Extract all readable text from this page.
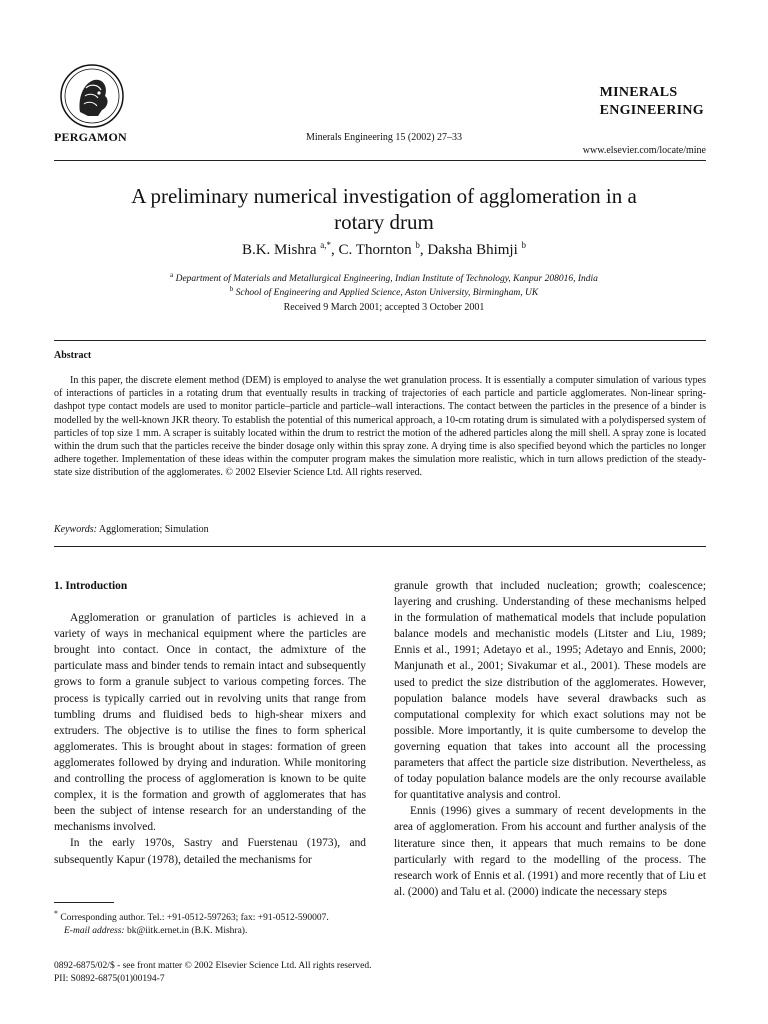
PERGAMON	Minerals Engineering 15 (2002) 27–33
MINERALS
ENGINEERING
www.elsevier.com/locate/mine
A preliminary numerical investigation of agglomeration in a
rotary drum
B.K. Mishra $^{a,*}$, C. Thornton $^b$, Daksha Bhimji $^b$
$^a$ Department of Materials and Metallurgical Engineering, Indian Institute of Technology, Kanpur 208016, India
$^b$ School of Engineering and Applied Science, Aston University, Birmingham, UK
Received 9 March 2001; accepted 3 October 2001
Abstract
In this paper, the discrete element method (DEM) is employed to analyse the wet granulation process. It is essentially a computer simulation of various types of interactions of particles in a rotating drum that eventually results in tracking of trajectories of each particle and particle agglomerates. Non-linear spring-dashpot type contact models are used to monitor particle–particle and particle–wall interactions. The contact between the particles in the presence of a binder is modelled by the well-known JKR theory. To establish the potential of this numerical approach, a 10-cm rotating drum is simulated with a polydispersed system of particles of top size 1 mm. A scraper is suitably located within the drum to restrict the motion of the adhered particles along the mill shell. A spray zone is located within the drum such that the particles receive the binder dosage only within this spray zone. A drying time is also specified beyond which the particles no longer adhere together. Implementation of these ideas within the computer program makes the simulation more realistic, which in turn allows prediction of the steady-state size distribution of the agglomerates. © 2002 Elsevier Science Ltd. All rights reserved.
Keywords: Agglomeration; Simulation
1. Introduction

Agglomeration or granulation of particles is achieved in a variety of ways in mechanical equipment where the particles are brought into contact. Once in contact, the admixture of the particulate mass and binder tends to remain intact and subsequently grows to form a granule subject to various competing forces. The process is typically carried out in revolving units that range from tumbling drums and fluidised beds to high-shear mixers and extruders. The objective is to utilise the fines to form spherical agglomerates. This is brought about in stages: formation of green agglomerates followed by drying and induration. While monitoring and controlling the process of agglomeration is known to be quite complex, it is the formation and growth of agglomerates that has been the subject of intense research for an understanding of the mechanisms involved.

In the early 1970s, Sastry and Fuerstenau (1973), and subsequently Kapur (1978), detailed the mechanisms for

granule growth that included nucleation; growth; coalescence; layering and crushing. Understanding of these mechanisms helped in the formulation of mathematical models that include population balance models and mechanistic models (Litster and Liu, 1989; Ennis et al., 1991; Adetayo et al., 1995; Adetayo and Ennis, 2000; Manjunath et al., 2001; Sivakumar et al., 2001). These models are used to predict the size distribution of the agglomerates. However, population balance models have several drawbacks such as computational complexity for which exact solutions may not be possible. More importantly, it is quite cumbersome to develop the governing equation that takes into account all the processing parameters that affect the particle size distribution. Nevertheless, as of today population balance models are the only recourse available for quantitative analysis and control.

Ennis (1996) gives a summary of recent developments in the area of agglomeration. From his account and further analysis of the literature since then, it appears that much remains to be done particularly with regard to the modelling of the process. The research work of Ennis et al. (1991) and more recently that of Liu et al. (2000) and Talu et al. (2000) indicate the necessary steps

* Corresponding author. Tel.: +91-0512-597263; fax: +91-0512-590007.
E-mail address: bk@iitk.ernet.in (B.K. Mishra).
0892-6875/02/$ - see front matter © 2002 Elsevier Science Ltd. All rights reserved.
PII: S0892-6875(01)00194-7
